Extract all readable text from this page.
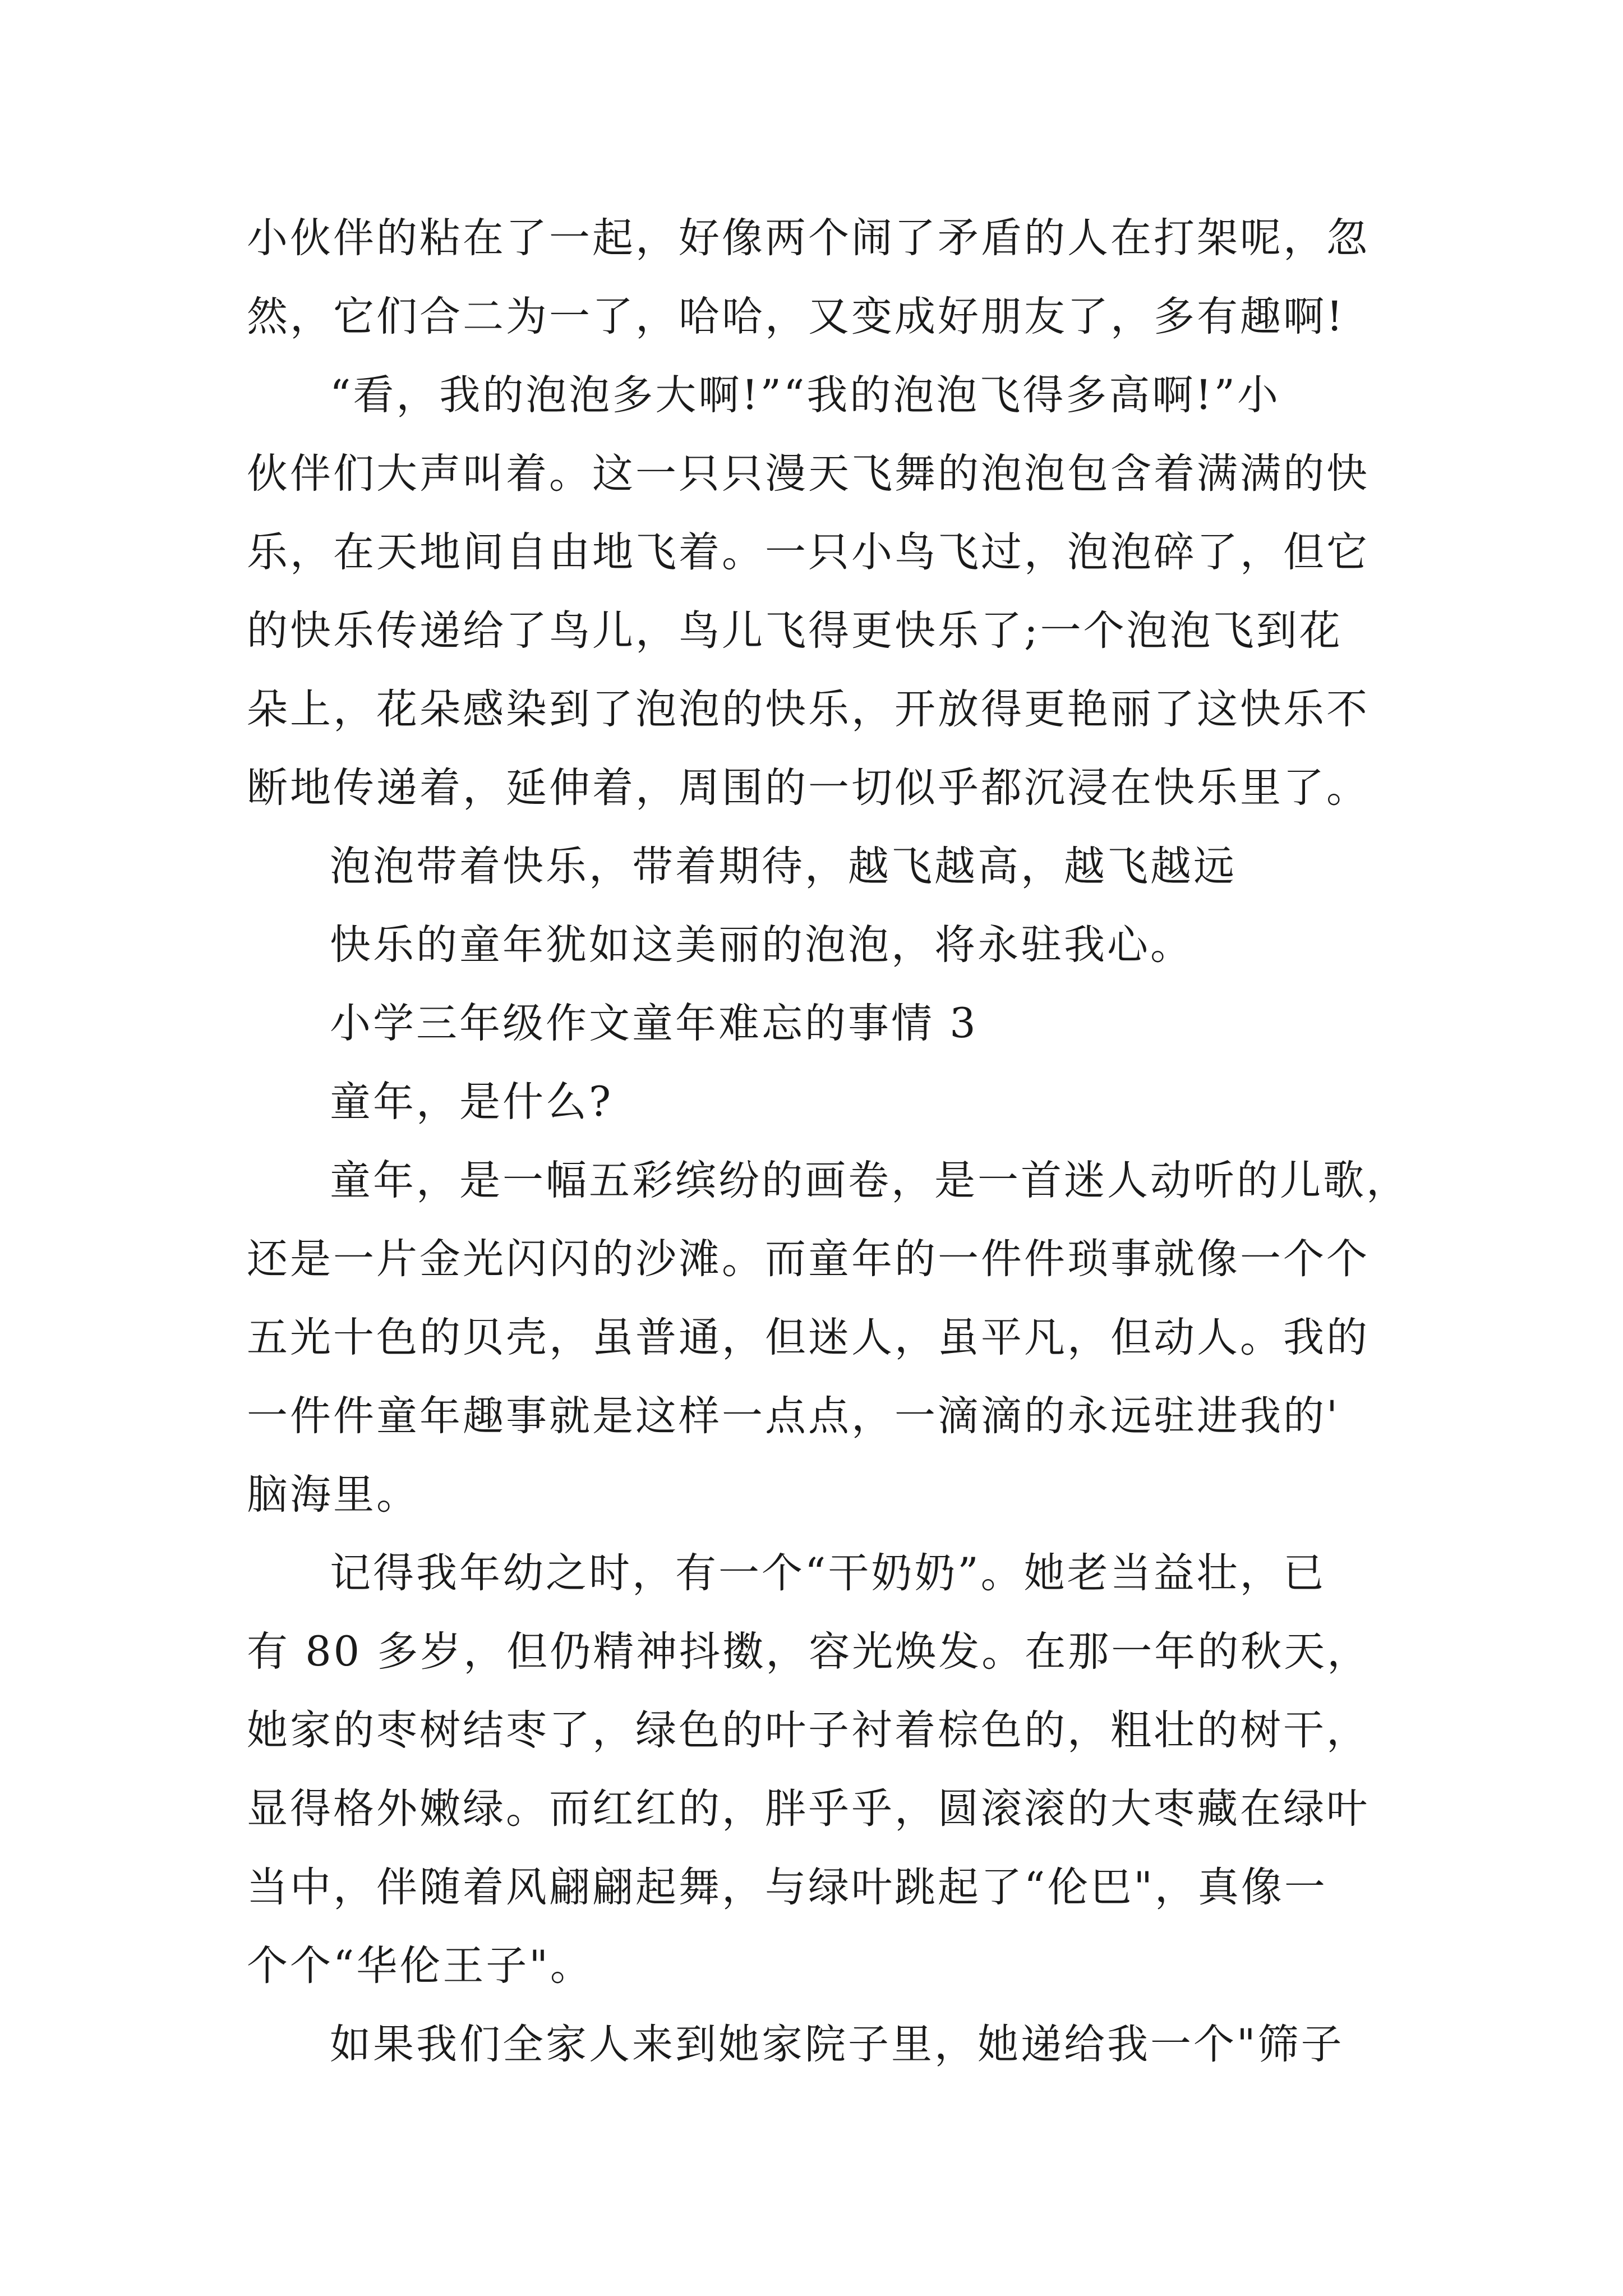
小伙伴的粘在了一起，好像两个闹了矛盾的人在打架呢，忽
然，它们合二为一了，哈哈，又变成好朋友了，多有趣啊!
“看，我的泡泡多大啊!”“我的泡泡飞得多高啊!”小
伙伴们大声叫着。这一只只漫天飞舞的泡泡包含着满满的快
乐，在天地间自由地飞着。一只小鸟飞过，泡泡碎了，但它
的快乐传递给了鸟儿，鸟儿飞得更快乐了;一个泡泡飞到花
朵上，花朵感染到了泡泡的快乐，开放得更艳丽了这快乐不
断地传递着，延伸着，周围的一切似乎都沉浸在快乐里了。
泡泡带着快乐，带着期待，越飞越高，越飞越远
快乐的童年犹如这美丽的泡泡，将永驻我心。
小学三年级作文童年难忘的事情 3
童年，是什么?
童年，是一幅五彩缤纷的画卷，是一首迷人动听的儿歌，
还是一片金光闪闪的沙滩。而童年的一件件琐事就像一个个
五光十色的贝壳，虽普通，但迷人，虽平凡，但动人。我的
一件件童年趣事就是这样一点点，一滴滴的永远驻进我的'
脑海里。
记得我年幼之时，有一个“干奶奶”。她老当益壮，已
有 80 多岁，但仍精神抖擞，容光焕发。在那一年的秋天，
她家的枣树结枣了，绿色的叶子衬着棕色的，粗壮的树干，
显得格外嫩绿。而红红的，胖乎乎，圆滚滚的大枣藏在绿叶
当中，伴随着风翩翩起舞，与绿叶跳起了“伦巴"，真像一
个个“华伦王子"。
如果我们全家人来到她家院子里，她递给我一个"筛子
